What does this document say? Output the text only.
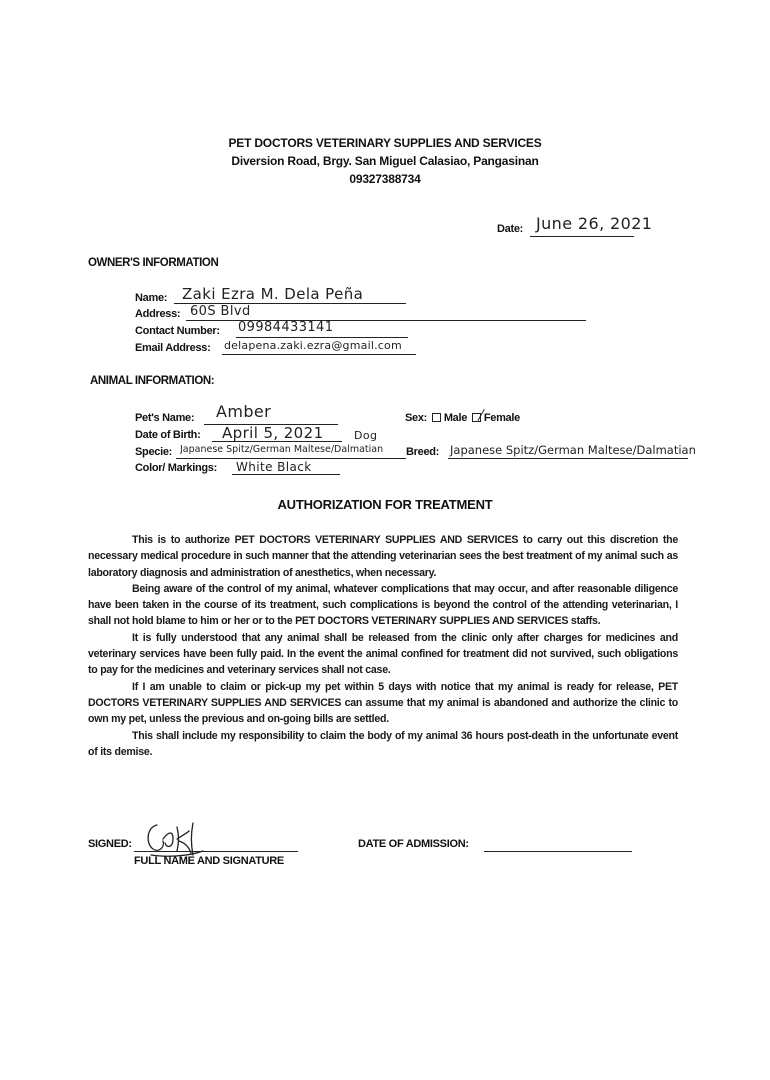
PET DOCTORS VETERINARY SUPPLIES AND SERVICES
Diversion Road, Brgy. San Miguel Calasiao, Pangasinan
09327388734
Date: June 26, 2021
OWNER'S INFORMATION
Name: Zaki Ezra M. Dela Peña
Address: 60S Blvd
Contact Number: 09984433141
Email Address: delapena.zaki.ezra@gmail.com
ANIMAL INFORMATION:
Pet's Name: Amber	Sex: Male Female
Date of Birth: April 5, 2021	Dog
Specie: Japanese Spitz/German Maltese/Dalmatian	Breed: Japanese Spitz/German Maltese/Dalmatian
Color/ Markings: White Black
AUTHORIZATION FOR TREATMENT

This is to authorize PET DOCTORS VETERINARY SUPPLIES AND SERVICES to carry out this discretion the necessary medical procedure in such manner that the attending veterinarian sees the best treatment of my animal such as laboratory diagnosis and administration of anesthetics, when necessary.

Being aware of the control of my animal, whatever complications that may occur, and after reasonable diligence have been taken in the course of its treatment, such complications is beyond the control of the attending veterinarian, I shall not hold blame to him or her or to the PET DOCTORS VETERINARY SUPPLIES AND SERVICES staffs.

It is fully understood that any animal shall be released from the clinic only after charges for medicines and veterinary services have been fully paid. In the event the animal confined for treatment did not survived, such obligations to pay for the medicines and veterinary services shall not case.

If I am unable to claim or pick-up my pet within 5 days with notice that my animal is ready for release, PET DOCTORS VETERINARY SUPPLIES AND SERVICES can assume that my animal is abandoned and authorize the clinic to own my pet, unless the previous and on-going bills are settled.

This shall include my responsibility to claim the body of my animal 36 hours post-death in the unfortunate event of its demise.

SIGNED:
FULL NAME AND SIGNATURE
DATE OF ADMISSION:
